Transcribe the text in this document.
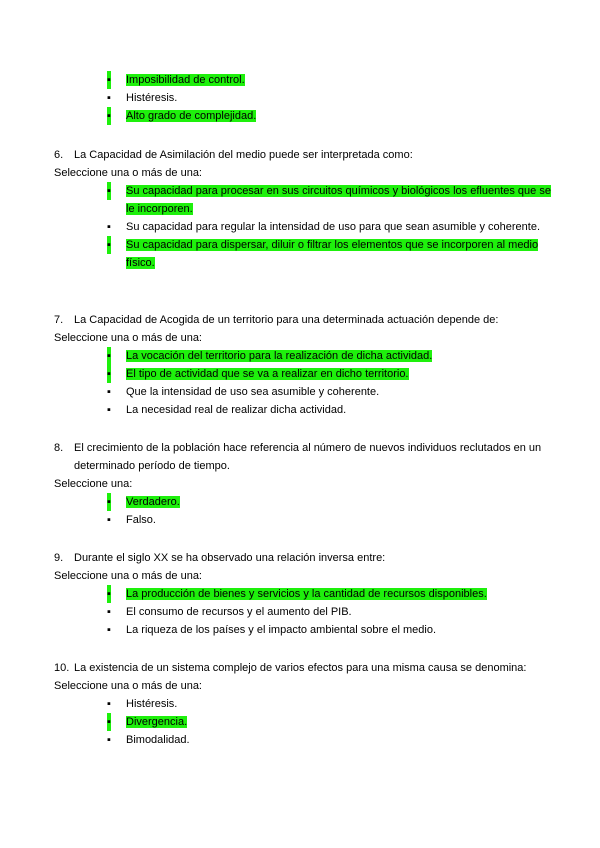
▪ Imposibilidad de control.
▪ Histéresis.
▪ Alto grado de complejidad.
6. La Capacidad de Asimilación del medio puede ser interpretada como:
Seleccione una o más de una:
▪ Su capacidad para procesar en sus circuitos químicos y biológicos los efluentes que se le incorporen.
▪ Su capacidad para regular la intensidad de uso para que sean asumible y coherente.
▪ Su capacidad para dispersar, diluir o filtrar los elementos que se incorporen al medio físico.
7. La Capacidad de Acogida de un territorio para una determinada actuación depende de:
Seleccione una o más de una:
▪ La vocación del territorio para la realización de dicha actividad.
▪ El tipo de actividad que se va a realizar en dicho territorio.
▪ Que la intensidad de uso sea asumible y coherente.
▪ La necesidad real de realizar dicha actividad.
8. El crecimiento de la población hace referencia al número de nuevos individuos reclutados en un determinado período de tiempo.
Seleccione una:
▪ Verdadero.
▪ Falso.
9. Durante el siglo XX se ha observado una relación inversa entre:
Seleccione una o más de una:
▪ La producción de bienes y servicios y la cantidad de recursos disponibles.
▪ El consumo de recursos y el aumento del PIB.
▪ La riqueza de los países y el impacto ambiental sobre el medio.
10. La existencia de un sistema complejo de varios efectos para una misma causa se denomina:
Seleccione una o más de una:
▪ Histéresis.
▪ Divergencia.
▪ Bimodalidad.
